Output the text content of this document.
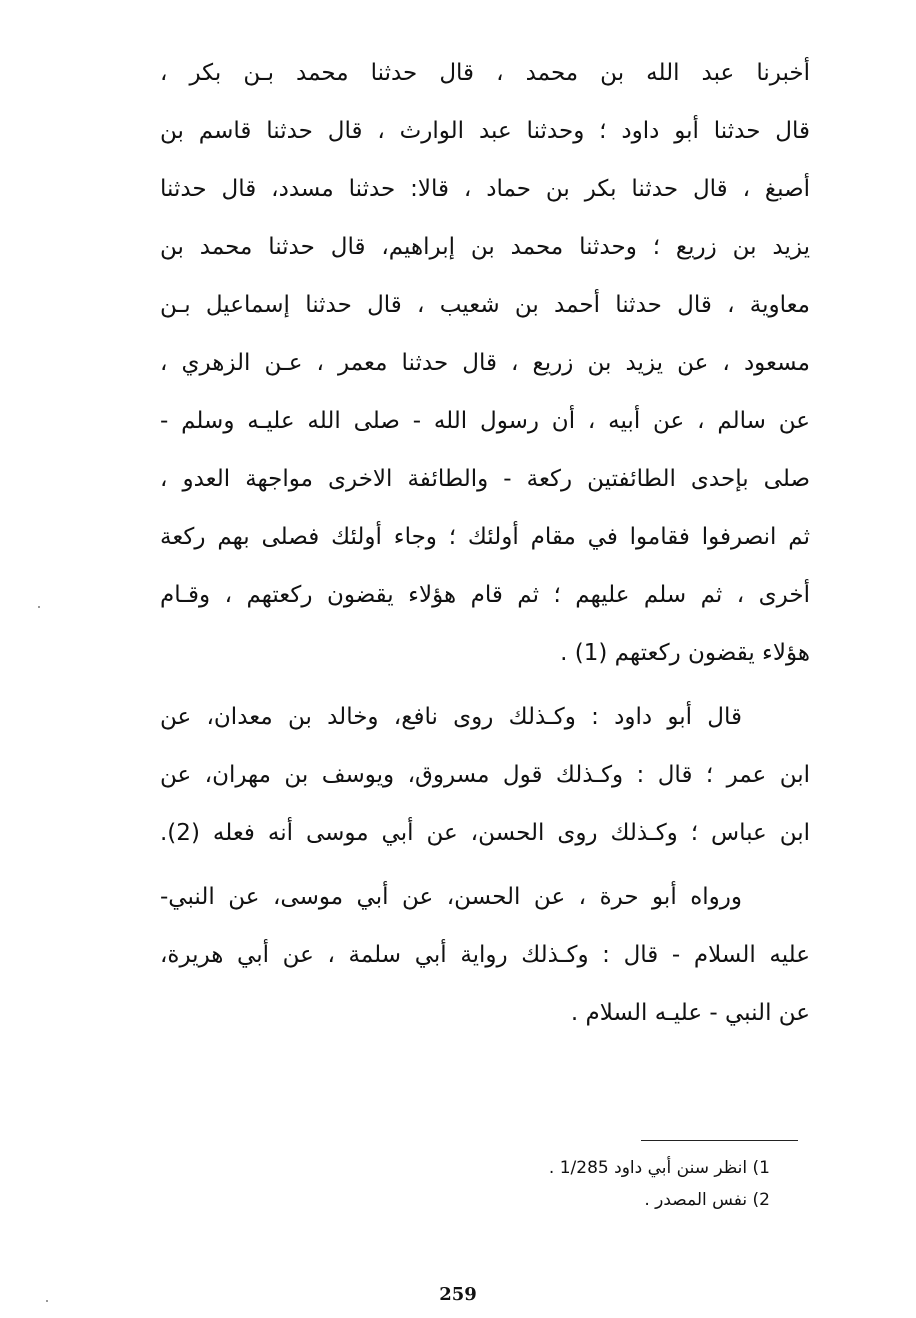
أخبرنا عبد الله بن محمد ، قال حدثنا محمد بـن بكر ،
قال حدثنا أبو داود ؛ وحدثنا عبد الوارث ، قال حدثنا قاسم بن
أصبغ ، قال حدثنا بكر بن حماد ، قالا: حدثنا مسدد، قال حدثنا
يزيد بن زريع ؛ وحدثنا محمد بن إبراهيم، قال حدثنا محمد بن
معاوية ، قال حدثنا أحمد بن شعيب ، قال حدثنا إسماعيل بـن
مسعود ، عن يزيد بن زريع ، قال حدثنا معمر ، عـن الزهري ،
عن سالم ، عن أبيه ، أن رسول الله - صلى الله عليـه وسلم -
صلى بإحدى الطائفتين ركعة - والطائفة الاخرى مواجهة العدو ،
ثم انصرفوا فقاموا في مقام أولئك ؛ وجاء أولئك فصلى بهم ركعة
أخرى ، ثم سلم عليهم ؛ ثم قام هؤلاء يقضون ركعتهم ، وقـام
هؤلاء يقضون ركعتهم (1) .
قال أبو داود : وكـذلك روى نافع، وخالد بن معدان، عن
ابن عمر ؛ قال : وكـذلك قول مسروق، ويوسف بن مهران، عن
ابن عباس ؛ وكـذلك روى الحسن، عن أبي موسى أنه فعله (2).
ورواه أبو حرة ، عن الحسن، عن أبي موسى، عن النبي-
عليه السلام - قال : وكـذلك رواية أبي سلمة ، عن أبي هريرة،
عن النبي - عليـه السلام .
1) انظر سنن أبي داود 1/285 .
2) نفس المصدر .
259
